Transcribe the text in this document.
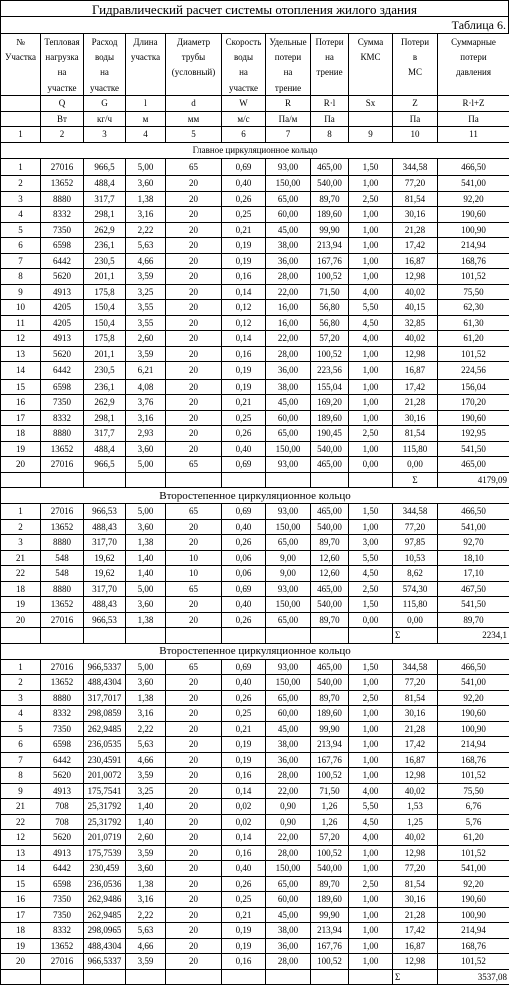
Гидравлический расчет системы отопления жилого здания
Таблица 6.
№	Тепловая	Расход	Длина	Диаметр	Скорость	Удельные	Потери	Сумма	Потери	Суммарные
Участка	нагрузка	воды	участка	трубы	воды	потери	на	КМС	в	потери
	на	на		(условный)	на	на	трение		МС	давления
	участке	участке			участке	трение				
	Q	G	l	d	W	R	R·l	Sx	Z	R·l+Z
	Вт	кг/ч	м	мм	м/с	Па/м	Па		Па	Па
1	2	3	4	5	6	7	8	9	10	11
Главное циркуляционное кольцо										
1	27016	966,5	5,00	65	0,69	93,00	465,00	1,50	344,58	466,50
2	13652	488,4	3,60	20	0,40	150,00	540,00	1,00	77,20	541,00
3	8880	317,7	1,38	20	0,26	65,00	89,70	2,50	81,54	92,20
4	8332	298,1	3,16	20	0,25	60,00	189,60	1,00	30,16	190,60
5	7350	262,9	2,22	20	0,21	45,00	99,90	1,00	21,28	100,90
6	6598	236,1	5,63	20	0,19	38,00	213,94	1,00	17,42	214,94
7	6442	230,5	4,66	20	0,19	36,00	167,76	1,00	16,87	168,76
8	5620	201,1	3,59	20	0,16	28,00	100,52	1,00	12,98	101,52
9	4913	175,8	3,25	20	0,14	22,00	71,50	4,00	40,02	75,50
10	4205	150,4	3,55	20	0,12	16,00	56,80	5,50	40,15	62,30
11	4205	150,4	3,55	20	0,12	16,00	56,80	4,50	32,85	61,30
12	4913	175,8	2,60	20	0,14	22,00	57,20	4,00	40,02	61,20
13	5620	201,1	3,59	20	0,16	28,00	100,52	1,00	12,98	101,52
14	6442	230,5	6,21	20	0,19	36,00	223,56	1,00	16,87	224,56
15	6598	236,1	4,08	20	0,19	38,00	155,04	1,00	17,42	156,04
16	7350	262,9	3,76	20	0,21	45,00	169,20	1,00	21,28	170,20
17	8332	298,1	3,16	20	0,25	60,00	189,60	1,00	30,16	190,60
18	8880	317,7	2,93	20	0,26	65,00	190,45	2,50	81,54	192,95
19	13652	488,4	3,60	20	0,40	150,00	540,00	1,00	115,80	541,50
20	27016	966,5	5,00	65	0,69	93,00	465,00	0,00	0,00	465,00
									Σ	4179,09
Второстепенное циркуляционное кольцо										
1	27016	966,53	5,00	65	0,69	93,00	465,00	1,50	344,58	466,50
2	13652	488,43	3,60	20	0,40	150,00	540,00	1,00	77,20	541,00
3	8880	317,70	1,38	20	0,26	65,00	89,70	3,00	97,85	92,70
21	548	19,62	1,40	10	0,06	9,00	12,60	5,50	10,53	18,10
22	548	19,62	1,40	10	0,06	9,00	12,60	4,50	8,62	17,10
18	8880	317,70	5,00	65	0,69	93,00	465,00	2,50	574,30	467,50
19	13652	488,43	3,60	20	0,40	150,00	540,00	1,50	115,80	541,50
20	27016	966,53	1,38	20	0,26	65,00	89,70	0,00	0,00	89,70
									Σ	2234,1
Второстепенное циркуляционное кольцо										
1	27016	966,5337	5,00	65	0,69	93,00	465,00	1,50	344,58	466,50
2	13652	488,4304	3,60	20	0,40	150,00	540,00	1,00	77,20	541,00
3	8880	317,7017	1,38	20	0,26	65,00	89,70	2,50	81,54	92,20
4	8332	298,0859	3,16	20	0,25	60,00	189,60	1,00	30,16	190,60
5	7350	262,9485	2,22	20	0,21	45,00	99,90	1,00	21,28	100,90
6	6598	236,0535	5,63	20	0,19	38,00	213,94	1,00	17,42	214,94
7	6442	230,4591	4,66	20	0,19	36,00	167,76	1,00	16,87	168,76
8	5620	201,0072	3,59	20	0,16	28,00	100,52	1,00	12,98	101,52
9	4913	175,7541	3,25	20	0,14	22,00	71,50	4,00	40,02	75,50
21	708	25,31792	1,40	20	0,02	0,90	1,26	5,50	1,53	6,76
22	708	25,31792	1,40	20	0,02	0,90	1,26	4,50	1,25	5,76
12	5620	201,0719	2,60	20	0,14	22,00	57,20	4,00	40,02	61,20
13	4913	175,7539	3,59	20	0,16	28,00	100,52	1,00	12,98	101,52
14	6442	230,459	3,60	20	0,40	150,00	540,00	1,00	77,20	541,00
15	6598	236,0536	1,38	20	0,26	65,00	89,70	2,50	81,54	92,20
16	7350	262,9486	3,16	20	0,25	60,00	189,60	1,00	30,16	190,60
17	7350	262,9485	2,22	20	0,21	45,00	99,90	1,00	21,28	100,90
18	8332	298,0965	5,63	20	0,19	38,00	213,94	1,00	17,42	214,94
19	13652	488,4304	4,66	20	0,19	36,00	167,76	1,00	16,87	168,76
20	27016	966,5337	3,59	20	0,16	28,00	100,52	1,00	12,98	101,52
									Σ	3537,08
